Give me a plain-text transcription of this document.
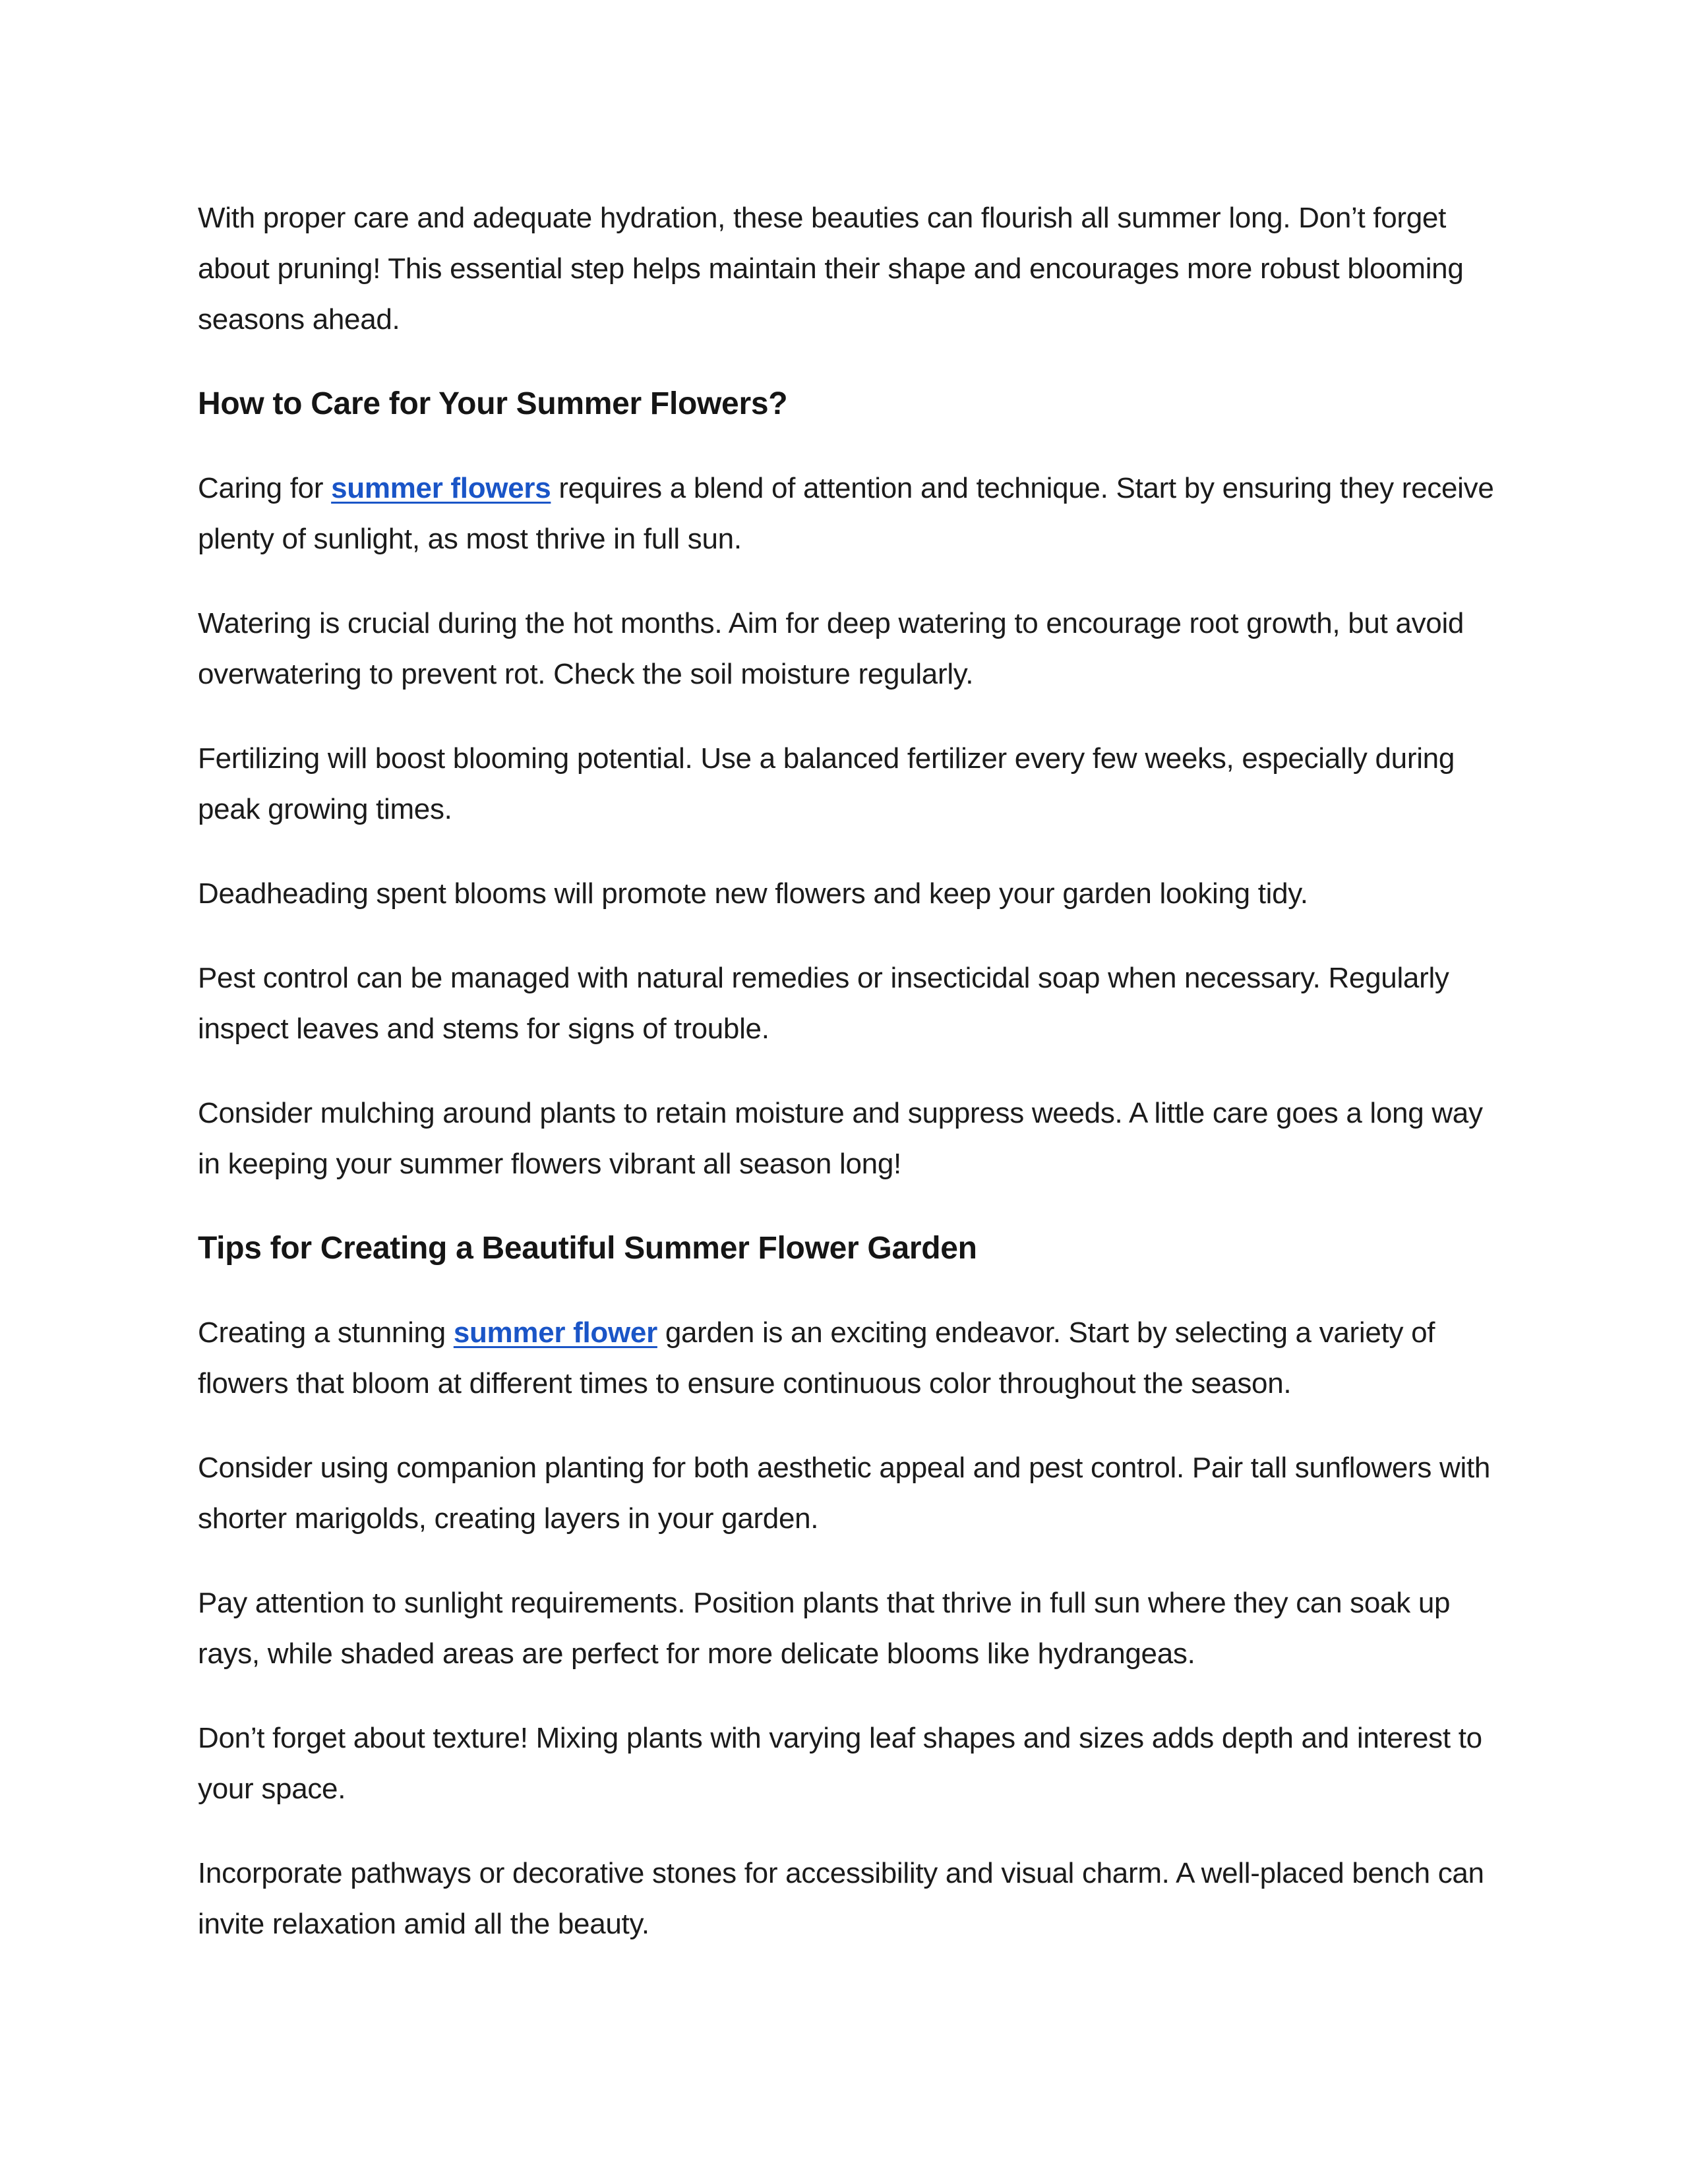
With proper care and adequate hydration, these beauties can flourish all summer long. Don’t forget about pruning! This essential step helps maintain their shape and encourages more robust blooming seasons ahead.

How to Care for Your Summer Flowers?

Caring for summer flowers requires a blend of attention and technique. Start by ensuring they receive plenty of sunlight, as most thrive in full sun.

Watering is crucial during the hot months. Aim for deep watering to encourage root growth, but avoid overwatering to prevent rot. Check the soil moisture regularly.

Fertilizing will boost blooming potential. Use a balanced fertilizer every few weeks, especially during peak growing times.

Deadheading spent blooms will promote new flowers and keep your garden looking tidy.

Pest control can be managed with natural remedies or insecticidal soap when necessary. Regularly inspect leaves and stems for signs of trouble.

Consider mulching around plants to retain moisture and suppress weeds. A little care goes a long way in keeping your summer flowers vibrant all season long!

Tips for Creating a Beautiful Summer Flower Garden

Creating a stunning summer flower garden is an exciting endeavor. Start by selecting a variety of flowers that bloom at different times to ensure continuous color throughout the season.

Consider using companion planting for both aesthetic appeal and pest control. Pair tall sunflowers with shorter marigolds, creating layers in your garden.

Pay attention to sunlight requirements. Position plants that thrive in full sun where they can soak up rays, while shaded areas are perfect for more delicate blooms like hydrangeas.

Don’t forget about texture! Mixing plants with varying leaf shapes and sizes adds depth and interest to your space.

Incorporate pathways or decorative stones for accessibility and visual charm. A well-placed bench can invite relaxation amid all the beauty.
